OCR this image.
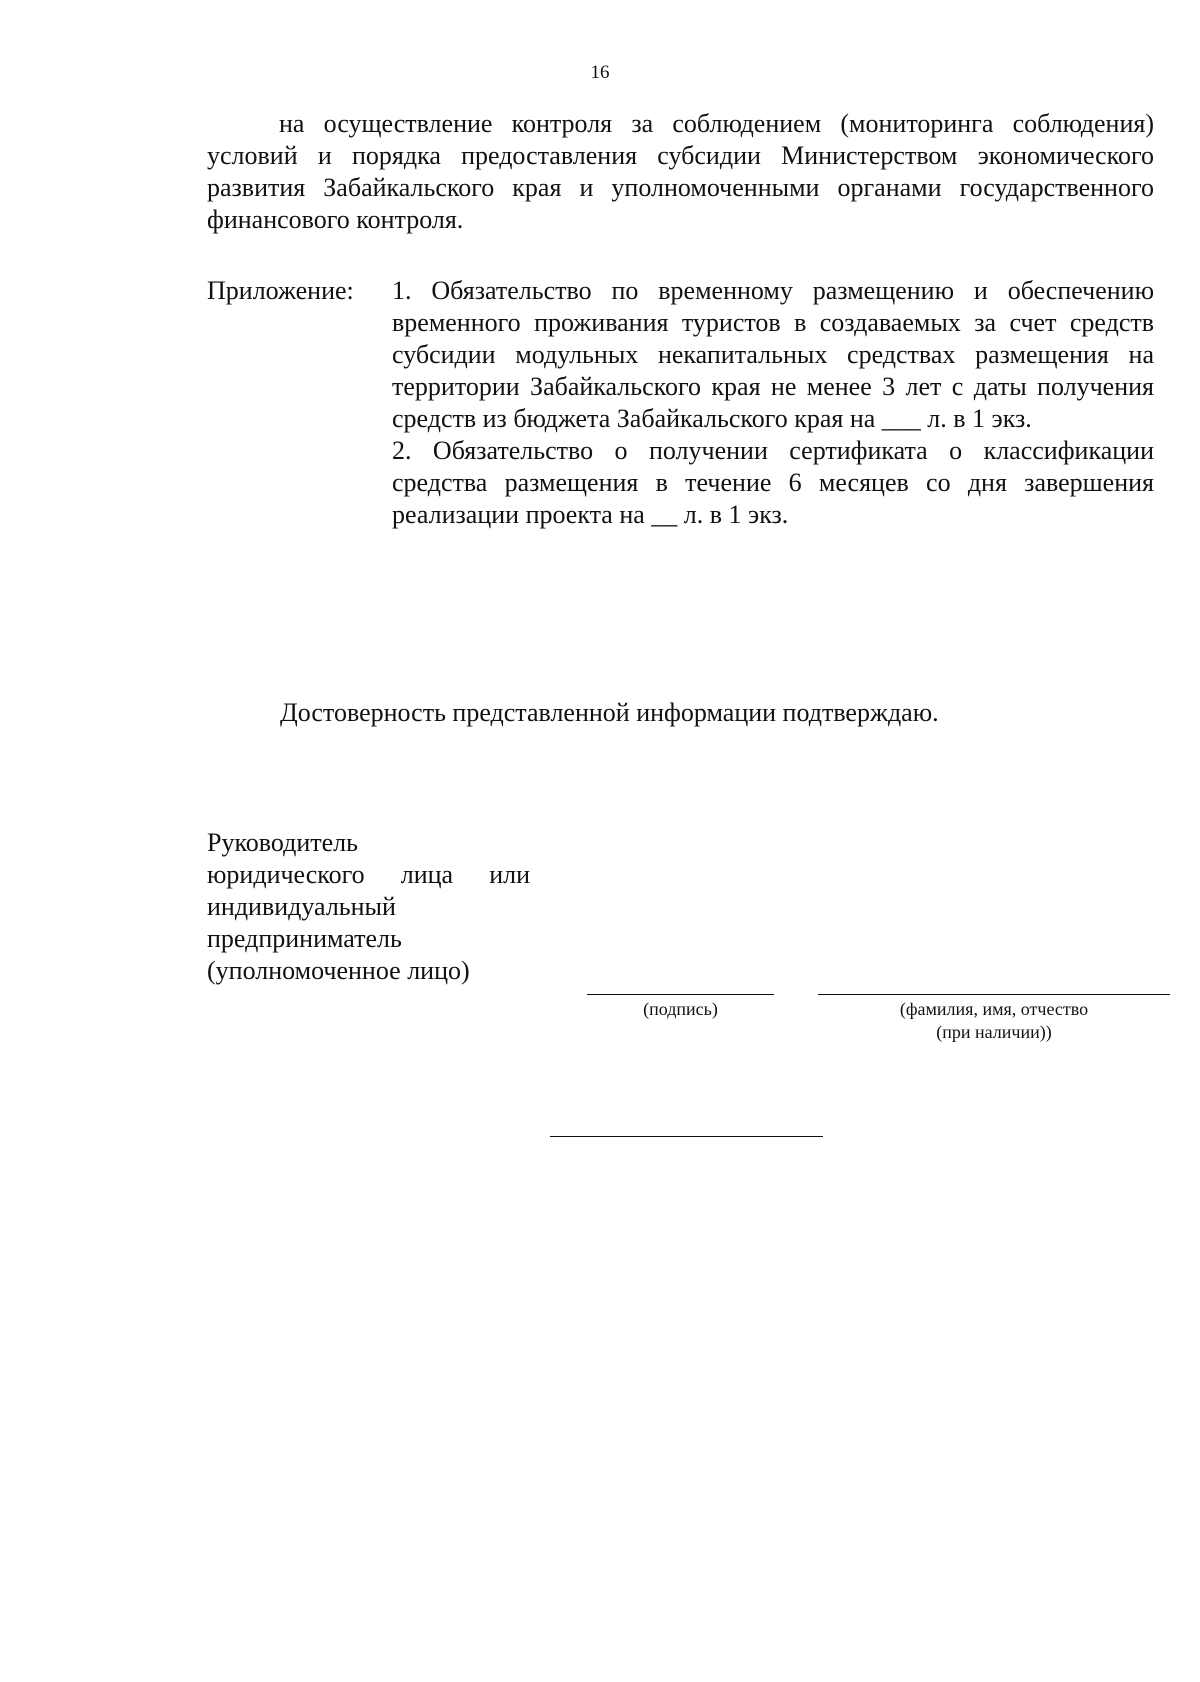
16
на осуществление контроля за соблюдением (мониторинга соблюдения) условий и порядка предоставления субсидии Министерством экономического развития Забайкальского края и уполномоченными органами государственного финансового контроля.
Приложение: 1. Обязательство по временному размещению и обеспечению временного проживания туристов в создаваемых за счет средств субсидии модульных некапитальных средствах размещения на территории Забайкальского края не менее 3 лет с даты получения средств из бюджета Забайкальского края на ___ л. в 1 экз.
2. Обязательство о получении сертификата о классификации средства размещения в течение 6 месяцев со дня завершения реализации проекта на __ л. в 1 экз.
Достоверность представленной информации подтверждаю.
Руководитель
юридического лица или
индивидуальный
предприниматель
(уполномоченное лицо)
(подпись)	(фамилия, имя, отчество
(при наличии))
